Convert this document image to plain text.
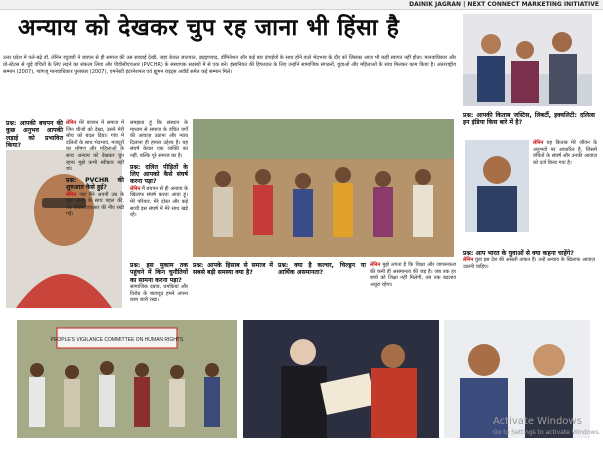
DAINIK JAGRAN | NEXT CONNECT MARKETING INITIATIVE
अन्याय को देखकर चुप रह जाना भी हिंसा है
उत्तर प्रदेश में पले-बढ़े डॉ. लेनिन रघुवंशी ने बचपन से ही समाज की उस सच्चाई देखी, जहां केवल जातपात, ब्राह्मणवाद, डॉमिनेशन और कई बार दंगाईयों के साथ होने वाले भेदभाव के दौर को जिसका आज भी कहीं स्वागत नहीं होता। मानवाधिकार और प्रो-स्टेटस से जुड़े वंचितों के लिए लड़ने का संकल्प लिया और पीवीसीएचआर (PVCHR) के संस्थापक सदस्यों में से एक बने। इंसानियत की हिफाज़त के लिए उन्होंने सामाजिक संगठनों, युवाओं और महिलाओं के साथ मिलकर काम किया है। अंतरराष्ट्रीय सम्मान (2007), ग्वांगजू मानवाधिकार पुरस्कार (2007), एमनेस्टी इंटरनेशनल एवं ह्यूमन राइट्स अवॉर्ड समेत कई सम्मान मिले।
प्रश्न: आपकी बचपन की कुछ अनुभव आपकी लड़ाई को प्रभावित किया?
लेनिन मेरे बचपन में समाज में जिन चीजों को देखा, उसने मेरी सोच को बदल दिया। गांव में दलितों के साथ भेदभाव, मजदूरों का शोषण और महिलाओं के साथ अन्याय को देखकर चुप रहना मुझे कभी स्वीकार नहीं था।
प्रश्न: PVCHR की शुरुआत कैसे हुई?
लेनिन जब मैंने अपनी उम्र के युवा साथी के साथ पहल की, तब पीवीसीएचआर की नींव रखी गई।
समझता हूं कि संस्थान के माध्यम से समाज के वंचित वर्गों की आवाज़ उठाना और न्याय दिलाना ही हमारा उद्देश्य है। यह संघर्ष केवल एक व्यक्ति का नहीं, बल्कि पूरे समाज का है।
प्रश्न: दलित पीड़ितों के लिए आपको कैसे संघर्ष करना पड़ा?
लेनिन मैं बचपन से ही अन्याय के खिलाफ संघर्ष करता आया हूं। मेरे परिवार, मेरे दोस्त और कई साथी इस संघर्ष में मेरे साथ खड़े रहे।
प्रश्न: इस मुकाम तक पहुंचने में किन चुनौतियों का सामना करना पड़ा?
सामाजिक दबाव, धमकियां और विरोध के बावजूद हमने अपना काम जारी रखा।
प्रश्न: आपके हिसाब से समाज में सबसे बड़ी समस्या क्या है?
प्रश्न: क्या है कल्चर, चिल्ड्रन या आर्थिक असमानता?
लेनिन मुझे लगता है कि शिक्षा और जागरूकता की कमी ही असमानता की जड़ है। जब तक हर बच्चे को शिक्षा नहीं मिलेगी, तब तक बदलाव अधूरा रहेगा।
प्रश्न: आपकी किताब जस्टिस, लिबर्टी, इक्वलिटी: दलित्स इन इंडिया किस बारे में है?
लेनिन यह किताब मेरे जीवन के अनुभवों पर आधारित है, जिसमें वंचितों के संघर्ष और उनकी आवाज़ को दर्ज किया गया है।
प्रश्न: आप भारत के युवाओं से क्या कहना चाहेंगे?
लेनिन युवा इस देश की असली ताकत हैं। उन्हें अन्याय के खिलाफ आवाज़ उठानी चाहिए।
PEOPLE'S VIGILANCE COMMITTEE ON HUMAN RIGHTS
Activate Windows
Go to Settings to activate Windows.
